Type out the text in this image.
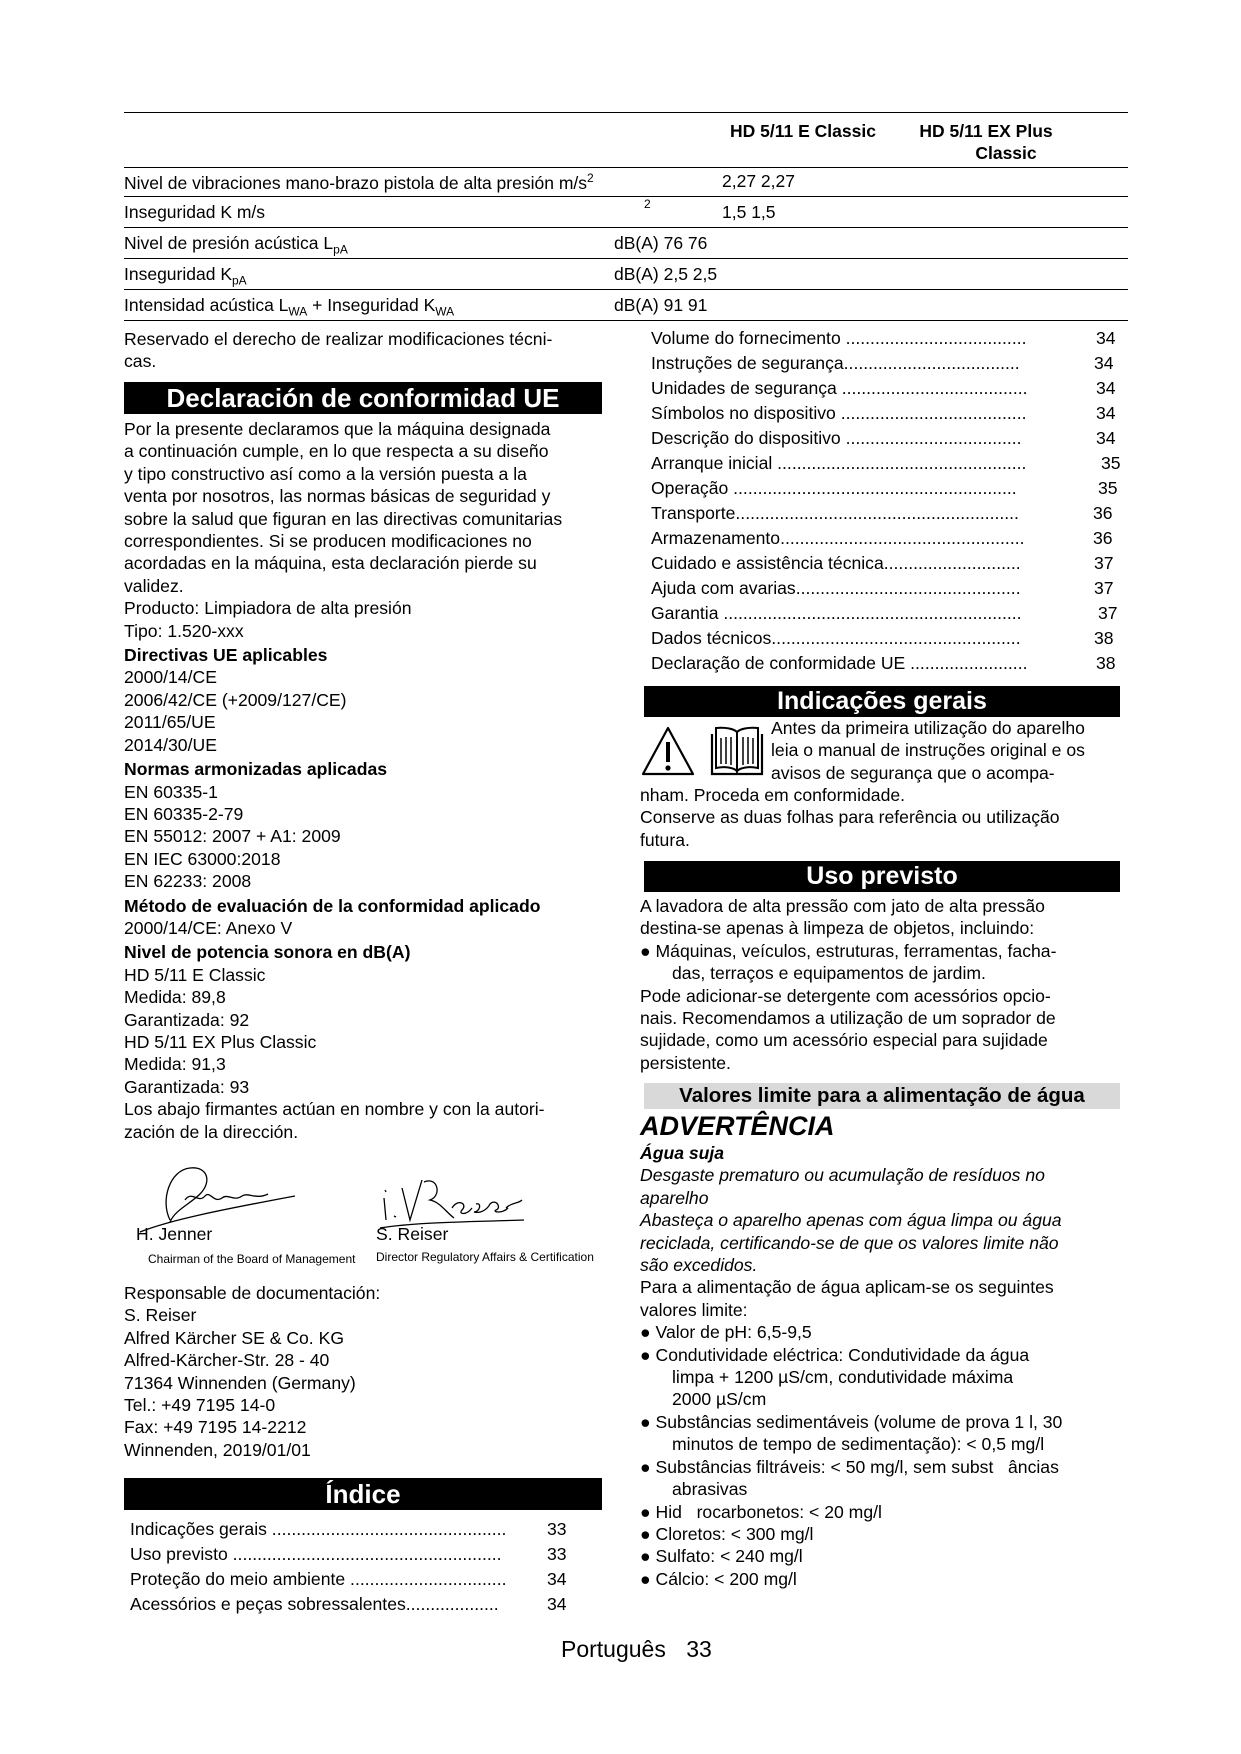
HD 5/11 E Classic	HD 5/11 EX Plus
Classic
Nivel de vibraciones mano-brazo pistola de alta presión $m/s^2$	2,27 2,27
Inseguridad K m/s	2	1,5 1,5
Nivel de presión acústica $L_{pA}$	dB(A) 76 76
Inseguridad $K_{pA}$	dB(A) 2,5 2,5
Intensidad acústica $L_{WA}$ + Inseguridad $K_{WA}$	dB(A) 91 91
Reservado el derecho de realizar modificaciones técni-
cas.
Declaración de conformidad UE
Por la presente declaramos que la máquina designada
a continuación cumple, en lo que respecta a su diseño
y tipo constructivo así como a la versión puesta a la
venta por nosotros, las normas básicas de seguridad y
sobre la salud que figuran en las directivas comunitarias
correspondientes. Si se producen modificaciones no
acordadas en la máquina, esta declaración pierde su
validez.
Producto: Limpiadora de alta presión
Tipo: 1.520-xxx
Directivas UE aplicables
2000/14/CE
2006/42/CE (+2009/127/CE)
2011/65/UE
2014/30/UE
Normas armonizadas aplicadas
EN 60335-1
EN 60335-2-79
EN 55012: 2007 + A1: 2009
EN IEC 63000:2018
EN 62233: 2008
Método de evaluación de la conformidad aplicado
2000/14/CE: Anexo V
Nivel de potencia sonora en dB(A)
HD 5/11 E Classic
Medida: 89,8
Garantizada: 92
HD 5/11 EX Plus Classic
Medida: 91,3
Garantizada: 93
Los abajo firmantes actúan en nombre y con la autori-
zación de la dirección.
H. Jenner
Chairman of the Board of Management
S. Reiser
Director Regulatory Affairs & Certification
Responsable de documentación:
S. Reiser
Alfred Kärcher SE & Co. KG
Alfred-Kärcher-Str. 28 - 40
71364 Winnenden (Germany)
Tel.: +49 7195 14-0
Fax: +49 7195 14-2212
Winnenden, 2019/01/01
Índice
Indicações gerais ................................................ 33
Uso previsto .......................................................	33
Proteção do meio ambiente ................................ 34
Acessórios e peças sobressalentes...................	34
Volume do fornecimento .....................................	34
Instruções de segurança....................................	34
Unidades de segurança ......................................	34
Símbolos no dispositivo ......................................	34
Descrição do dispositivo ....................................	34
Arranque inicial ...................................................	35
Operação ..........................................................	35
Transporte..........................................................	36
Armazenamento..................................................	36
Cuidado e assistência técnica............................	37
Ajuda com avarias..............................................	37
Garantia .............................................................	37
Dados técnicos...................................................	38
Declaração de conformidade UE ........................	38
Indicações gerais
Antes da primeira utilização do aparelho
leia o manual de instruções original e os
avisos de segurança que o acompa-
nham. Proceda em conformidade.
Conserve as duas folhas para referência ou utilização
futura.
Uso previsto
A lavadora de alta pressão com jato de alta pressão
destina-se apenas à limpeza de objetos, incluindo:
● Máquinas, veículos, estruturas, ferramentas, facha-
das, terraços e equipamentos de jardim.
Pode adicionar-se detergente com acessórios opcio-
nais. Recomendamos a utilização de um soprador de
sujidade, como um acessório especial para sujidade
persistente.
Valores limite para a alimentação de água
ADVERTÊNCIA
Água suja
Desgaste prematuro ou acumulação de resíduos no
aparelho
Abasteça o aparelho apenas com água limpa ou água
reciclada, certificando-se de que os valores limite não
são excedidos.
Para a alimentação de água aplicam-se os seguintes
valores limite:
● Valor de pH: 6,5-9,5
● Condutividade eléctrica: Condutividade da água
limpa + 1200 µS/cm, condutividade máxima
2000 µS/cm
● Substâncias sedimentáveis (volume de prova 1 l, 30
minutos de tempo de sedimentação): < 0,5 mg/l
● Substâncias filtráveis: < 50 mg/l, sem subst   âncias
abrasivas
● Hid   rocarbonetos: < 20 mg/l
● Cloretos: < 300 mg/l
● Sulfato: < 240 mg/l
● Cálcio: < 200 mg/l
Português 33
